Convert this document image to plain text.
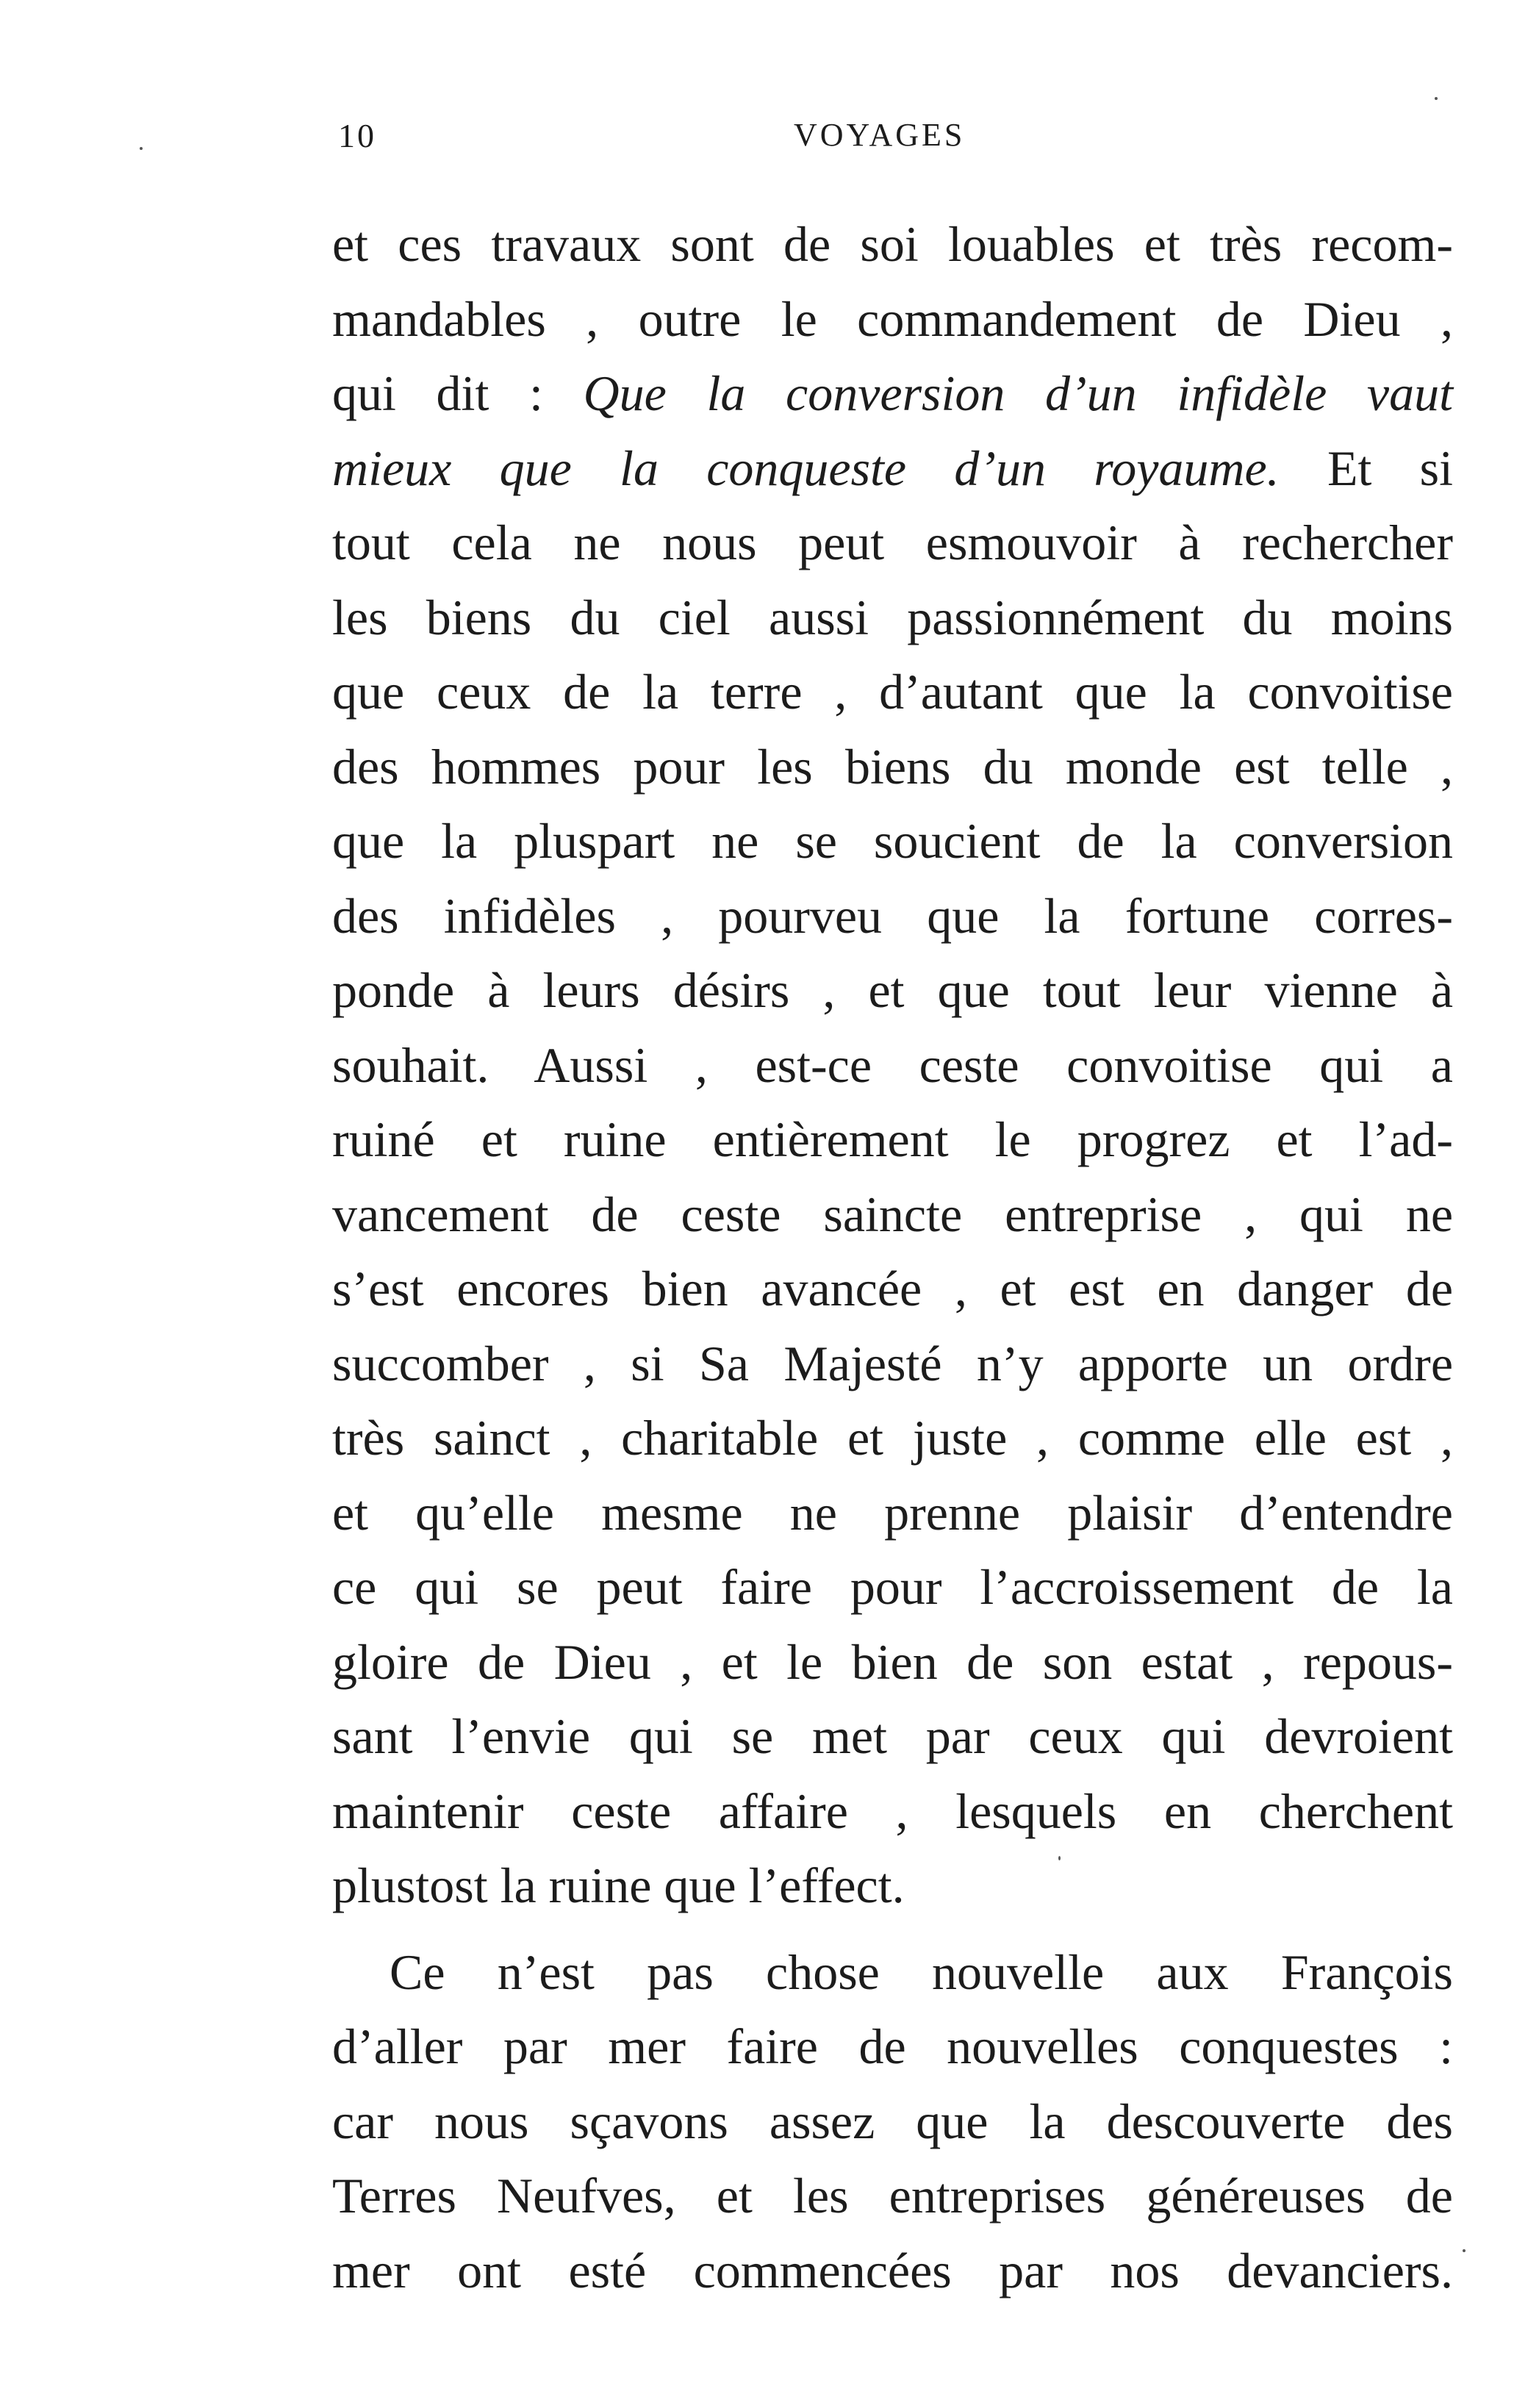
10	VOYAGES
et ces travaux sont de soi louables et très recom-
mandables , outre le commandement de Dieu ,
qui dit : Que la conversion d’un infidèle vaut
mieux que la conqueste d’un royaume. Et si
tout cela ne nous peut esmouvoir à rechercher
les biens du ciel aussi passionnément du moins
que ceux de la terre , d’autant que la convoitise
des hommes pour les biens du monde est telle ,
que la pluspart ne se soucient de la conversion
des infidèles , pourveu que la fortune corres-
ponde à leurs désirs , et que tout leur vienne à
souhait. Aussi , est-ce ceste convoitise qui a
ruiné et ruine entièrement le progrez et l’ad-
vancement de ceste saincte entreprise , qui ne
s’est encores bien avancée , et est en danger de
succomber , si Sa Majesté n’y apporte un ordre
très sainct , charitable et juste , comme elle est ,
et qu’elle mesme ne prenne plaisir d’entendre
ce qui se peut faire pour l’accroissement de la
gloire de Dieu , et le bien de son estat , repous-
sant l’envie qui se met par ceux qui devroient
maintenir ceste affaire , lesquels en cherchent
plustost la ruine que l’effect.
Ce n’est pas chose nouvelle aux François
d’aller par mer faire de nouvelles conquestes :
car nous sçavons assez que la descouverte des
Terres Neufves, et les entreprises généreuses de
mer ont esté commencées par nos devanciers.
